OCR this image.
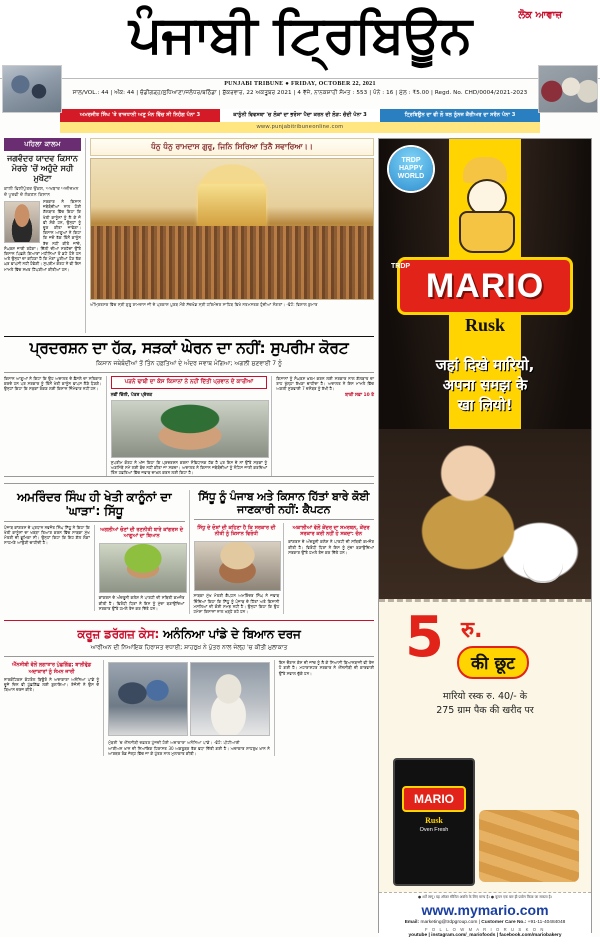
ਪੰਜਾਬੀ ਟ੍ਰਿਬਿਊਨ	ਲੋਕ ਆਵਾਜ਼
PUNJABI TRIBUNE ● FRIDAY, OCTOBER 22, 2021
ਸਾਲ/VOL.: 44 | ਅੰਕ: 44 | ਚੰਡੀਗੜ੍ਹ/ਲੁਧਿਆਣਾ/ਜਲੰਧਰ/ਬਠਿੰਡਾ | ਸ਼ੁੱਕਰਵਾਰ, 22 ਅਕਤੂਬਰ 2021 | 4 ਵੱਜੇ, ਨਾਨਕਸ਼ਾਹੀ ਸੰਮਤ : 553 | ਪੰਨੇ : 16 | ਮੁੱਲ : ₹5.00 | Regd. No. CHD/0004/2021-2023
ਅਮਰਜੀਤ ਸਿੰਘ 'ਤੇ ਰਾਜਧਾਨੀ ਅਣੂ ਮੰਨ ਵਿੱਚ ਸੀ ਨਿਹੰਗ ਪੰਨਾ 3	ਕਾਨੂੰਨੀ ਵਿਵਸਥਾ 'ਚ ਲੋਕਾਂ ਦਾ ਭਰੋਸਾ ਪੈਦਾ ਕਰਨ ਦੀ ਲੋੜ: ਚੰਦੀ ਪੰਨਾ 3	ਟ੍ਰਿਬਿਊਨ ਦਾ ਵੀ ਲੋ ਤਲ ਨੂੰਨਜ ਕੈਰੀਅਰ ਦਾ ਸਰੰਨ ਪੰਨਾ 3
www.punjabitribuneonline.com
ਪਹਿਲਾ ਕਾਲਮ
ਜਗਵੰਦਰ ਯਾਦਵ ਕਿਸਾਨ ਮੋਰਚੇ 'ਚੋਂ ਅਹੁੰਦੇ ਸਹੀ ਮੁਖੌਟਾ
ਕਾਲੀ ਵਿਲੀਪੁੱਤਰ ਉਂਕਲ, ਅਖਬਾਰ ਅਜ਼ੀਜ਼ਮਨ ਦੇ ਪੂਰਵੀ ਦੇ ਲੋਕਣਨ ਕਿਸਾਨ
ਸਰਕਾਰ ਨੇ ਕਿਸਾਨ ਜਥੇਬੰਦੀਆਂ ਨਾਲ ਹੋਈ ਗੱਲਬਾਤ ਵਿੱਚ ਕਿਹਾ ਕਿ ਖੇਤੀ ਕਾਨੂੰਨਾਂ ਨੂੰ ਲੈ ਕੇ ਜੋ ਵੀ ਸ਼ੰਕੇ ਹਨ, ਉਨ੍ਹਾਂ ਨੂੰ ਦੂਰ ਕੀਤਾ ਜਾਵੇਗਾ। ਕਿਸਾਨ ਆਗੂਆਂ ਨੇ ਕਿਹਾ ਕਿ ਜਦੋਂ ਤੱਕ ਤਿੰਨੋਂ ਕਾਨੂੰਨ ਰੱਦ ਨਹੀਂ ਕੀਤੇ ਜਾਂਦੇ, ਸੰਘਰਸ਼ ਜਾਰੀ ਰਹੇਗਾ। ਦਿੱਲੀ ਦੀਆਂ ਸਰਹੱਦਾਂ ਉੱਤੇ ਕਿਸਾਨ ਪਿਛਲੇ ਗਿਆਰਾਂ ਮਹੀਨਿਆਂ ਤੋਂ ਡਟੇ ਹੋਏ ਹਨ ਅਤੇ ਉਨ੍ਹਾਂ ਦਾ ਕਹਿਣਾ ਹੈ ਕਿ ਮੰਗਾਂ ਪੂਰੀਆਂ ਹੋਣ ਤੱਕ ਘਰ ਵਾਪਸੀ ਨਹੀਂ ਹੋਵੇਗੀ। ਸੁਪਰੀਮ ਕੋਰਟ ਨੇ ਵੀ ਇਸ ਮਾਮਲੇ ਵਿੱਚ ਸਖ਼ਤ ਟਿੱਪਣੀਆਂ ਕੀਤੀਆਂ ਹਨ।
ਧੰਨੁ ਧੰਨੁ ਰਾਮਦਾਸ ਗੁਰੁ, ਜਿਨਿ ਸਿਰਿਆ ਤਿਨੈ ਸਵਾਰਿਆ।।
ਅੰਮ੍ਰਿਤਸਰ ਵਿੱਚ ਸ੍ਰੀ ਗੁਰੂ ਰਾਮਦਾਸ ਜੀ ਦੇ ਪ੍ਰਕਾਸ਼ ਪੁਰਬ ਮੌਕੇ ਸੱਚਖੰਡ ਸ੍ਰੀ ਹਰਿਮੰਦਰ ਸਾਹਿਬ ਵਿਖੇ ਨਤਮਸਤਕ ਹੁੰਦੀਆਂ ਸੰਗਤਾਂ। -ਫੋਟੋ: ਵਿਸ਼ਾਲ ਕੁਮਾਰ
ਪ੍ਰਦਰਸ਼ਨ ਦਾ ਹੱਕ, ਸੜਕਾਂ ਘੇਰਨ ਦਾ ਨਹੀਂ: ਸੁਪਰੀਮ ਕੋਰਟ
ਕਿਸਾਨ ਜਥੇਬੰਦੀਆਂ ਤੋਂ ਤਿੰਨ ਹਫ਼ਤਿਆਂ ਦੇ ਅੰਦਰ ਜਵਾਬ ਮੰਗਿਆ; ਅਗਲੀ ਸੁਣਵਾਈ 7 ਨੂੰ
ਕਿਸਾਨ ਆਗੂਆਂ ਨੇ ਕਿਹਾ ਕਿ ਉਹ ਅਦਾਲਤ ਦੇ ਫ਼ੈਸਲੇ ਦਾ ਸਤਿਕਾਰ ਕਰਦੇ ਹਨ ਪਰ ਸਰਕਾਰ ਨੂੰ ਤਿੰਨੋਂ ਖੇਤੀ ਕਾਨੂੰਨ ਵਾਪਸ ਲੈਣੇ ਪੈਣਗੇ। ਉਨ੍ਹਾਂ ਕਿਹਾ ਕਿ ਸੜਕਾਂ ਰੋਕਣ ਲਈ ਕਿਸਾਨ ਜ਼ਿੰਮੇਵਾਰ ਨਹੀਂ ਹਨ।
ਪੜਨੇ ਢਾਬੀ ਦਾ ਕੇਸ ਕਿਸਾਨਾਂ ਨੇ ਨਹੀਂ ਦਿੱਤੀ ਪ੍ਰਵਾਨ ਦੇ ਕਾਰੀਆਂ
ਨਵੀਂ ਦਿੱਲੀ, ਪੱਤਰ ਪ੍ਰੇਰਕ
ਸੁਪਰੀਮ ਕੋਰਟ ਨੇ ਅੱਜ ਕਿਹਾ ਕਿ ਪ੍ਰਦਰਸ਼ਨ ਕਰਨਾ ਸੰਵਿਧਾਨਕ ਹੱਕ ਹੈ ਪਰ ਇਸ ਦੇ ਨਾਂ ਉੱਤੇ ਸੜਕਾਂ ਨੂੰ ਅਣਮਿੱਥੇ ਸਮੇਂ ਲਈ ਬੰਦ ਨਹੀਂ ਕੀਤਾ ਜਾ ਸਕਦਾ। ਅਦਾਲਤ ਨੇ ਕਿਸਾਨ ਜਥੇਬੰਦੀਆਂ ਨੂੰ ਨੋਟਿਸ ਜਾਰੀ ਕਰਦਿਆਂ ਤਿੰਨ ਹਫ਼ਤਿਆਂ ਵਿੱਚ ਜਵਾਬ ਦਾਖ਼ਲ ਕਰਨ ਲਈ ਕਿਹਾ ਹੈ।
ਕਿਸਾਨਾਂ ਨੂੰ ਸੰਘਰਸ਼ ਖ਼ਤਮ ਕਰਨ ਲਈ ਸਰਕਾਰ ਨਾਲ ਗੱਲਬਾਤ ਦਾ ਰਾਹ ਖੁੱਲ੍ਹਾ ਰੱਖਣਾ ਚਾਹੀਦਾ ਹੈ। ਅਦਾਲਤ ਨੇ ਇਸ ਮਾਮਲੇ ਵਿੱਚ ਅਗਲੀ ਸੁਣਵਾਈ 7 ਦਸੰਬਰ ਨੂੰ ਰੱਖੀ ਹੈ।
ਬਾਕੀ ਸਫ਼ਾ 10 ਤੇ
ਅਮਰਿੰਦਰ ਸਿੰਘ ਹੀ ਖੇਤੀ ਕਾਨੂੰਨਾਂ ਦਾ 'ਘਾੜਾ': ਸਿੱਧੂ
ਪੰਜਾਬ ਕਾਂਗਰਸ ਦੇ ਪ੍ਰਧਾਨ ਨਵਜੋਤ ਸਿੰਘ ਸਿੱਧੂ ਨੇ ਕਿਹਾ ਕਿ ਖੇਤੀ ਕਾਨੂੰਨਾਂ ਦਾ ਖਰੜਾ ਤਿਆਰ ਕਰਨ ਵਿੱਚ ਸਾਬਕਾ ਮੁੱਖ ਮੰਤਰੀ ਦੀ ਭੂਮਿਕਾ ਸੀ। ਉਨ੍ਹਾਂ ਕਿਹਾ ਕਿ ਇਹ ਗੱਲ ਲੋਕਾਂ ਸਾਹਮਣੇ ਆਉਣੀ ਚਾਹੀਦੀ ਹੈ।
ਅਗਲੀਆਂ ਚੋਣਾਂ ਦੀ ਰਣਨੀਤੀ ਬਾਰੇ ਕਾਂਗਰਸ ਦੇ ਆਗੂਆਂ ਦਾ ਬਿਆਨ
ਕਾਂਗਰਸ ਦੇ ਅੰਦਰੂਨੀ ਕਲੇਸ਼ ਨੇ ਪਾਰਟੀ ਦੀ ਸਥਿਤੀ ਕਮਜ਼ੋਰ ਕੀਤੀ ਹੈ। ਵਿਰੋਧੀ ਧਿਰਾਂ ਨੇ ਇਸ ਨੂੰ ਮੁੱਦਾ ਬਣਾਉਂਦਿਆਂ ਸਰਕਾਰ ਉੱਤੇ ਹਮਲੇ ਤੇਜ਼ ਕਰ ਦਿੱਤੇ ਹਨ।
ਸਿੱਧੂ ਨੂੰ ਪੰਜਾਬ ਅਤੇ ਕਿਸਾਨ ਹਿੱਤਾਂ ਬਾਰੇ ਕੋਈ ਜਾਣਕਾਰੀ ਨਹੀਂ: ਕੈਪਟਨ
ਸਿੱਧੂ ਦੇ ਦੋਸ਼ਾਂ ਦੀ ਕਹਿਣਾ ਹੈ ਕਿ ਸਰਕਾਰ ਦੀ ਨੀਤੀ ਨੂੰ ਕਿਸਾਨ ਵਿਰੋਧੀ
ਸਾਬਕਾ ਮੁੱਖ ਮੰਤਰੀ ਕੈਪਟਨ ਅਮਰਿੰਦਰ ਸਿੰਘ ਨੇ ਜਵਾਬ ਦਿੰਦਿਆਂ ਕਿਹਾ ਕਿ ਸਿੱਧੂ ਨੂੰ ਪੰਜਾਬ ਦੇ ਹਿੱਤਾਂ ਅਤੇ ਕਿਸਾਨੀ ਮਸਲਿਆਂ ਦੀ ਕੋਈ ਸਮਝ ਨਹੀਂ ਹੈ। ਉਨ੍ਹਾਂ ਕਿਹਾ ਕਿ ਉਹ ਹਮੇਸ਼ਾ ਕਿਸਾਨਾਂ ਨਾਲ ਖੜ੍ਹੇ ਰਹੇ ਹਨ।
ਅਕਾਲੀਆਂ ਵੱਲੋਂ ਕੇਂਦਰ ਦਾ ਸਮਰਥਨ, ਕੇਂਦਰ ਸਰਕਾਰ ਕਰੀ ਨਹੀਂ ਹੋ ਸਕਦਾ: ਚੰਨ
ਕਾਂਗਰਸ ਦੇ ਅੰਦਰੂਨੀ ਕਲੇਸ਼ ਨੇ ਪਾਰਟੀ ਦੀ ਸਥਿਤੀ ਕਮਜ਼ੋਰ ਕੀਤੀ ਹੈ। ਵਿਰੋਧੀ ਧਿਰਾਂ ਨੇ ਇਸ ਨੂੰ ਮੁੱਦਾ ਬਣਾਉਂਦਿਆਂ ਸਰਕਾਰ ਉੱਤੇ ਹਮਲੇ ਤੇਜ਼ ਕਰ ਦਿੱਤੇ ਹਨ।
ਕਰੂਜ਼ ਡਰੱਗਜ਼ ਕੇਸ: ਅਨੰਨਿਆ ਪਾਂਡੇ ਦੇ ਬਿਆਨ ਦਰਜ
ਆਰੀਅਨ ਦੀ ਨਿਆਂਇਕ ਹਿਰਾਸਤ ਵਧਾਈ; ਸ਼ਾਹਰੁਖ਼ ਨੇ ਪੁੱਤਰ ਨਾਲ ਜੇਲ੍ਹ 'ਚ ਕੀਤੀ ਮੁਲਾਕਾਤ
ਐੱਨਸੀਬੀ ਵੱਲੋਂ ਲਗਾਤਾਰ ਪੁੱਛਗਿੱਛ; ਬਾਲੀਵੁੱਡ ਅਦਾਕਾਰਾਂ ਨੂੰ ਸੰਮਨ ਜਾਰੀ
ਨਾਰਕੋਟਿਕਸ ਕੰਟਰੋਲ ਬਿਊਰੋ ਨੇ ਅਦਾਕਾਰਾ ਅਨੰਨਿਆ ਪਾਂਡੇ ਨੂੰ ਦੂਜੇ ਦਿਨ ਵੀ ਪੁੱਛਗਿੱਛ ਲਈ ਬੁਲਾਇਆ। ਏਜੰਸੀ ਨੇ ਉਸ ਦੇ ਬਿਆਨ ਦਰਜ ਕੀਤੇ।
ਮੁੰਬਈ 'ਚ ਐੱਨਸੀਬੀ ਦਫ਼ਤਰ ਪੁੱਜਦੀ ਹੋਈ ਅਦਾਕਾਰਾ ਅਨੰਨਿਆ ਪਾਂਡੇ। -ਫੋਟੋ: ਪੀਟੀਆਈ
ਆਰੀਅਨ ਖ਼ਾਨ ਦੀ ਨਿਆਂਇਕ ਹਿਰਾਸਤ 30 ਅਕਤੂਬਰ ਤੱਕ ਵਧਾ ਦਿੱਤੀ ਗਈ ਹੈ। ਅਦਾਕਾਰ ਸ਼ਾਹਰੁਖ਼ ਖ਼ਾਨ ਨੇ ਆਰਥਰ ਰੋਡ ਜੇਲ੍ਹ ਵਿੱਚ ਜਾ ਕੇ ਪੁੱਤਰ ਨਾਲ ਮੁਲਾਕਾਤ ਕੀਤੀ।
ਇਸ ਦੌਰਾਨ ਕੇਸ ਦੀ ਜਾਂਚ ਨੂੰ ਲੈ ਕੇ ਸਿਆਸੀ ਬਿਆਨਬਾਜ਼ੀ ਵੀ ਤੇਜ਼ ਹੋ ਗਈ ਹੈ। ਮਹਾਰਾਸ਼ਟਰ ਸਰਕਾਰ ਨੇ ਐੱਨਸੀਬੀ ਦੀ ਕਾਰਵਾਈ ਉੱਤੇ ਸਵਾਲ ਚੁੱਕੇ ਹਨ।
TRDP HAPPY WORLD
TRDP MARIO
Rusk
जहां दिखे मारियो,
अपना समझ के
खा लियो!
5 रु.
की छूट
मारियो रस्क रु. 40/- के
275 ग्राम पैक की खरीद पर
MARIO
Rusk
Oven Fresh
● शर्तें लागू। यह ऑफर सीमित अवधि के लिए मान्य है। ● कूपन एक बार ही प्रयोग किया जा सकता है।
www.mymario.com
Email: marketing@trdpgroup.com | Customer Care No.: +91-11-40484048
F O L L O W M A R I O R U S K O N
youtube | instagram.com/_mariofoods | facebook.com/mariobakery
